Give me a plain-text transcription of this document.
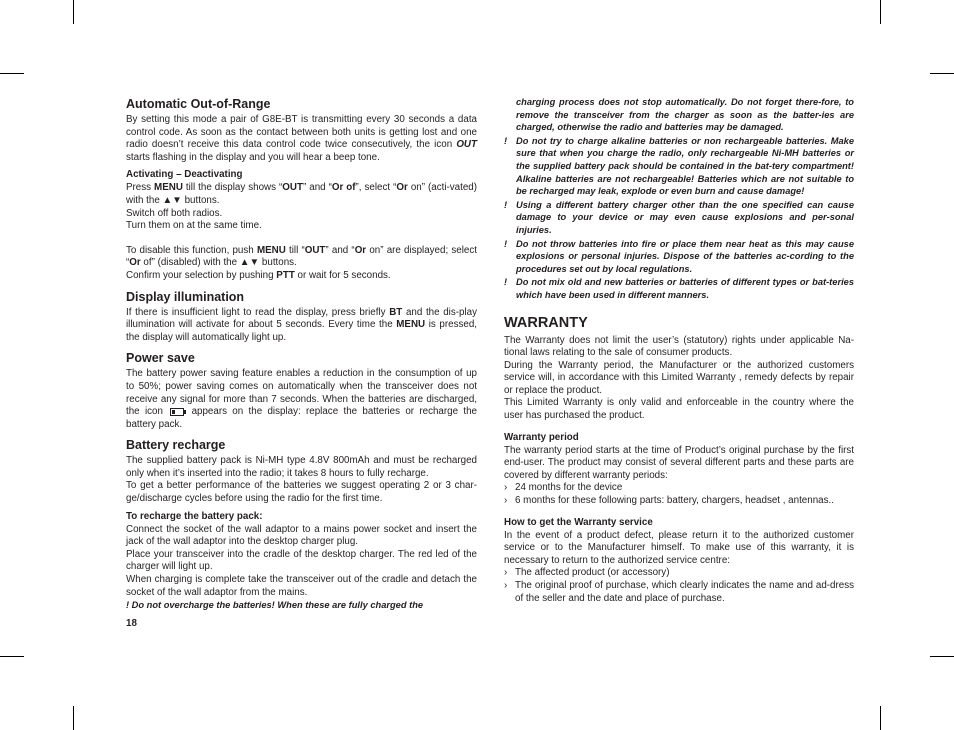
Automatic Out-of-Range

By setting this mode a pair of G8E-BT is transmitting every 30 seconds a data control code. As soon as the contact between both units is getting lost and one radio doesn’t receive this data control code twice consecutively, the icon OUT starts flashing in the display and you will hear a beep tone.

Activating – Deactivating

Press MENU till the display shows “OUT” and “Or of”, select “Or on” (acti-vated) with the ▲▼ buttons.

Switch off both radios.

Turn them on at the same time.

To disable this function, push MENU till “OUT” and “Or on” are displayed; select “Or of” (disabled) with the ▲▼ buttons.

Confirm your selection by pushing PTT or wait for 5 seconds.

Display illumination

If there is insufficient light to read the display, press briefly BT and the dis-play illumination will activate for about 5 seconds. Every time the MENU is pressed, the display will automatically light up.

Power save

The battery power saving feature enables a reduction in the consumption of up to 50%; power saving comes on automatically when the transceiver does not receive any signal for more than 7 seconds. When the batteries are discharged, the icon  appears on the display: replace the batteries or recharge the battery pack.

Battery recharge

The supplied battery pack is Ni-MH type 4.8V 800mAh and must be recharged only when it’s inserted into the radio; it takes 8 hours to fully recharge.

To get a better performance of the batteries we suggest operating 2 or 3 char-ge/discharge cycles before using the radio for the first time.

To recharge the battery pack:

Connect the socket of the wall adaptor to a mains power socket and insert the jack of the wall adaptor into the desktop charger plug.

Place your transceiver into the cradle of the desktop charger. The red led of the charger will light up.

When charging is complete take the transceiver out of the cradle and detach the socket of the wall adaptor from the mains.

! Do not overcharge the batteries! When these are fully charged the

18

charging process does not stop automatically. Do not forget there-fore, to remove the transceiver from the charger as soon as the batter-ies are charged, otherwise the radio and batteries may be damaged.

! Do not try to charge alkaline batteries or non rechargeable batteries. Make sure that when you charge the radio, only rechargeable Ni-MH batteries or the supplied battery pack should be contained in the bat-tery compartment! Alkaline batteries are not rechargeable! Batteries which are not suitable to be recharged may leak, explode or even burn and cause damage!

! Using a different battery charger other than the one specified can cause damage to your device or may even cause explosions and per-sonal injuries.

! Do not throw batteries into fire or place them near heat as this may cause explosions or personal injuries. Dispose of the batteries ac-cording to the procedures set out by local regulations.

! Do not mix old and new batteries or batteries of different types or bat-teries which have been used in different manners.

WARRANTY

The Warranty does not limit the user’s (statutory) rights under applicable Na-tional laws relating to the sale of consumer products.

During the Warranty period, the Manufacturer or the authorized customers service will, in accordance with this Limited Warranty , remedy defects by repair or replace the product.

This Limited Warranty is only valid and enforceable in the country where the user has purchased the product.

Warranty period

The warranty period starts at the time of Product’s original purchase by the first end-user. The product may consist of several different parts and these parts are covered by different warranty periods:

› 24 months for the device
› 6 months for these following parts: battery, chargers, headset , antennas..
How to get the Warranty service

In the event of a product defect, please return it to the authorized customer service or to the Manufacturer himself. To make use of this warranty, it is necessary to return to the authorized service centre:

› The affected product (or accessory)
› The original proof of purchase, which clearly indicates the name and ad-dress of the seller and the date and place of purchase.
